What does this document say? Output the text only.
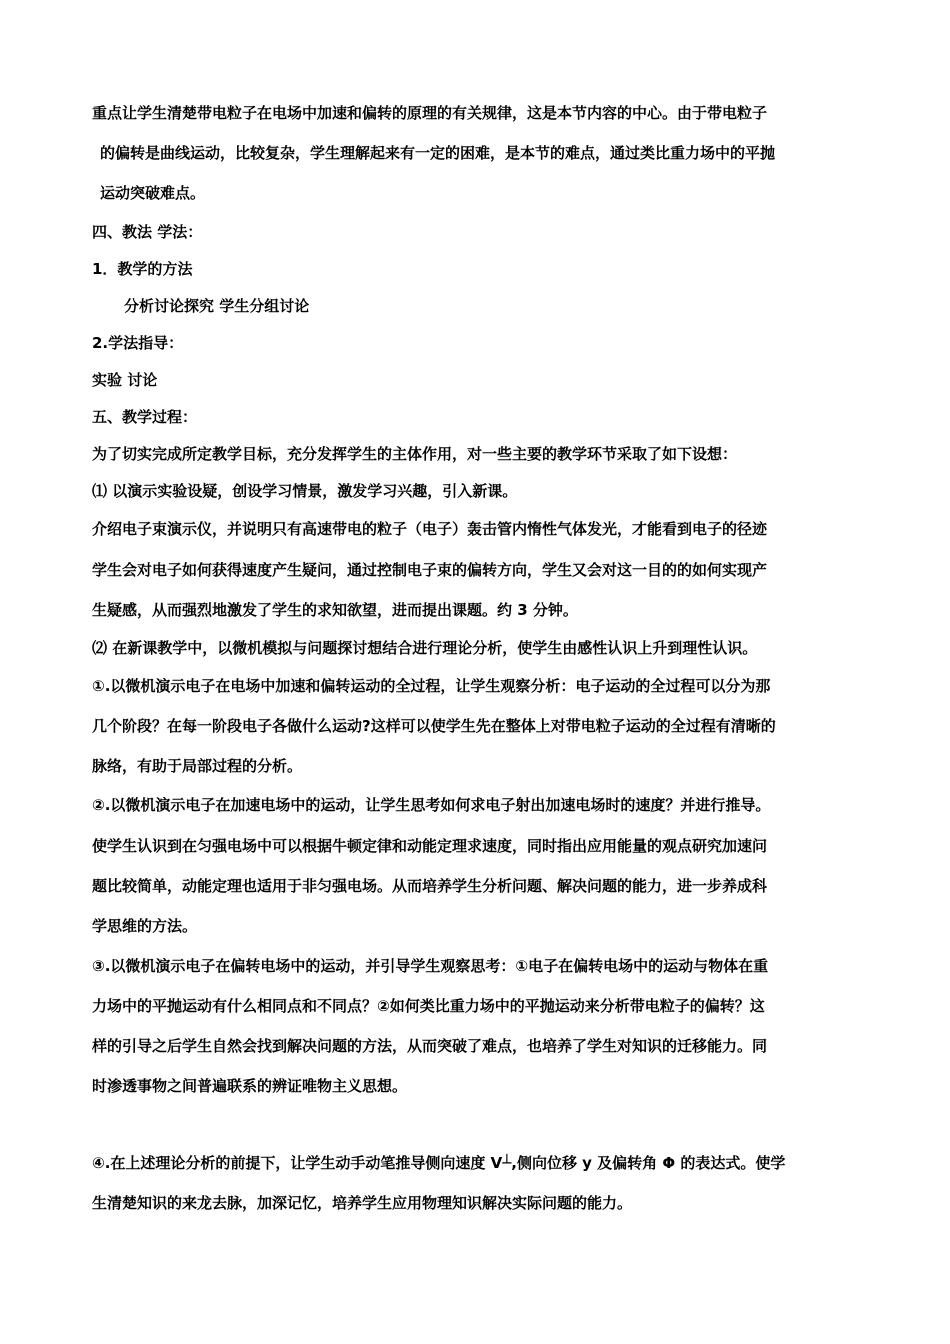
重点让学生清楚带电粒子在电场中加速和偏转的原理的有关规律，这是本节内容的中心。由于带电粒子
的偏转是曲线运动，比较复杂，学生理解起来有一定的困难，是本节的难点，通过类比重力场中的平抛
运动突破难点。
四、教法 学法：
1．教学的方法
分析讨论探究 学生分组讨论
2.学法指导：
实验 讨论
五、教学过程：
为了切实完成所定教学目标，充分发挥学生的主体作用，对一些主要的教学环节采取了如下设想：
⑴ 以演示实验设疑，创设学习情景，激发学习兴趣，引入新课。
介绍电子束演示仪，并说明只有高速带电的粒子（电子）轰击管内惰性气体发光，才能看到电子的径迹
学生会对电子如何获得速度产生疑问，通过控制电子束的偏转方向，学生又会对这一目的的如何实现产
生疑感，从而强烈地激发了学生的求知欲望，进而提出课题。约 3 分钟。
⑵ 在新课教学中，以微机模拟与问题探讨想结合进行理论分析，使学生由感性认识上升到理性认识。
①.以微机演示电子在电场中加速和偏转运动的全过程，让学生观察分析：电子运动的全过程可以分为那
几个阶段？在每一阶段电子各做什么运动?这样可以使学生先在整体上对带电粒子运动的全过程有清晰的
脉络，有助于局部过程的分析。
②.以微机演示电子在加速电场中的运动，让学生思考如何求电子射出加速电场时的速度？并进行推导。
使学生认识到在匀强电场中可以根据牛顿定律和动能定理求速度，同时指出应用能量的观点研究加速问
题比较简单，动能定理也适用于非匀强电场。从而培养学生分析问题、解决问题的能力，进一步养成科
学思维的方法。
③.以微机演示电子在偏转电场中的运动，并引导学生观察思考：①电子在偏转电场中的运动与物体在重
力场中的平抛运动有什么相同点和不同点？②如何类比重力场中的平抛运动来分析带电粒子的偏转？这
样的引导之后学生自然会找到解决问题的方法，从而突破了难点，也培养了学生对知识的迁移能力。同
时渗透事物之间普遍联系的辨证唯物主义思想。
④.在上述理论分析的前提下，让学生动手动笔推导侧向速度 V┴,侧向位移 y 及偏转角 Φ 的表达式。使学
生清楚知识的来龙去脉，加深记忆，培养学生应用物理知识解决实际问题的能力。
